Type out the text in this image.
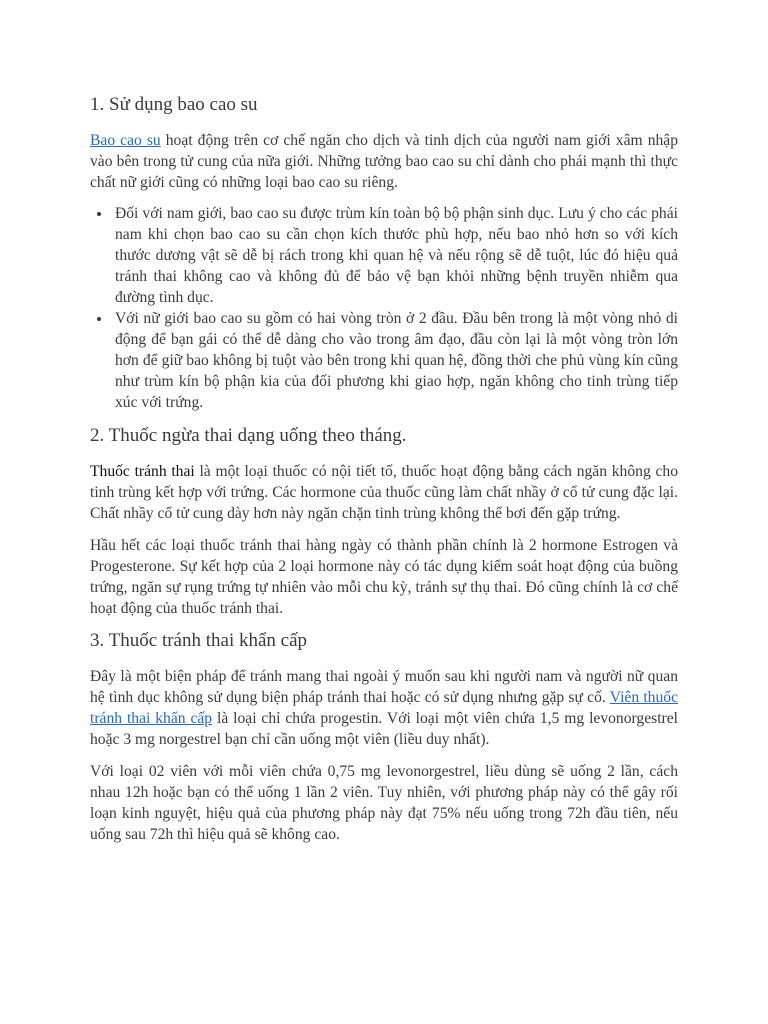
1. Sử dụng bao cao su

Bao cao su hoạt động trên cơ chế ngăn cho dịch và tinh dịch của người nam giới xâm nhập vào bên trong tử cung của nữa giới. Những tưởng bao cao su chỉ dành cho phái mạnh thì thực chất nữ giới cũng có những loại bao cao su riêng.

• Đối với nam giới, bao cao su được trùm kín toàn bộ bộ phận sinh dục. Lưu ý cho các phái nam khi chọn bao cao su cần chọn kích thước phù hợp, nếu bao nhỏ hơn so với kích thước dương vật sẽ dễ bị rách trong khi quan hệ và nếu rộng sẽ dễ tuột, lúc đó hiệu quả tránh thai không cao và không đủ để bảo vệ bạn khỏi những bệnh truyền nhiễm qua đường tình dục.
• Với nữ giới bao cao su gồm có hai vòng tròn ở 2 đầu. Đầu bên trong là một vòng nhỏ di động để bạn gái có thể dễ dàng cho vào trong âm đạo, đầu còn lại là một vòng tròn lớn hơn để giữ bao không bị tuột vào bên trong khi quan hệ, đồng thời che phủ vùng kín cũng như trùm kín bộ phận kia của đối phương khi giao hợp, ngăn không cho tinh trùng tiếp xúc với trứng.
2. Thuốc ngừa thai dạng uống theo tháng.

Thuốc tránh thai là một loại thuốc có nội tiết tố, thuốc hoạt động bằng cách ngăn không cho tinh trùng kết hợp với trứng. Các hormone của thuốc cũng làm chất nhầy ở cổ tử cung đặc lại. Chất nhầy cổ tử cung dày hơn này ngăn chặn tinh trùng không thể bơi đến gặp trứng.

Hầu hết các loại thuốc tránh thai hàng ngày có thành phần chính là 2 hormone Estrogen và Progesterone. Sự kết hợp của 2 loại hormone này có tác dụng kiểm soát hoạt động của buồng trứng, ngăn sự rụng trứng tự nhiên vào mỗi chu kỳ, tránh sự thụ thai. Đó cũng chính là cơ chế hoạt động của thuốc tránh thai.

3. Thuốc tránh thai khẩn cấp

Đây là một biện pháp để tránh mang thai ngoài ý muốn sau khi người nam và người nữ quan hệ tình dục không sử dụng biện pháp tránh thai hoặc có sử dụng nhưng gặp sự cố. Viên thuốc tránh thai khẩn cấp là loại chỉ chứa progestin. Với loại một viên chứa 1,5 mg levonorgestrel hoặc 3 mg norgestrel bạn chỉ cần uống một viên (liều duy nhất).

Với loại 02 viên với mỗi viên chứa 0,75 mg levonorgestrel, liều dùng sẽ uống 2 lần, cách nhau 12h hoặc bạn có thể uống 1 lần 2 viên. Tuy nhiên, với phương pháp này có thể gây rối loạn kinh nguyệt, hiệu quả của phương pháp này đạt 75% nếu uống trong 72h đầu tiên, nếu uống sau 72h thì hiệu quả sẽ không cao.
